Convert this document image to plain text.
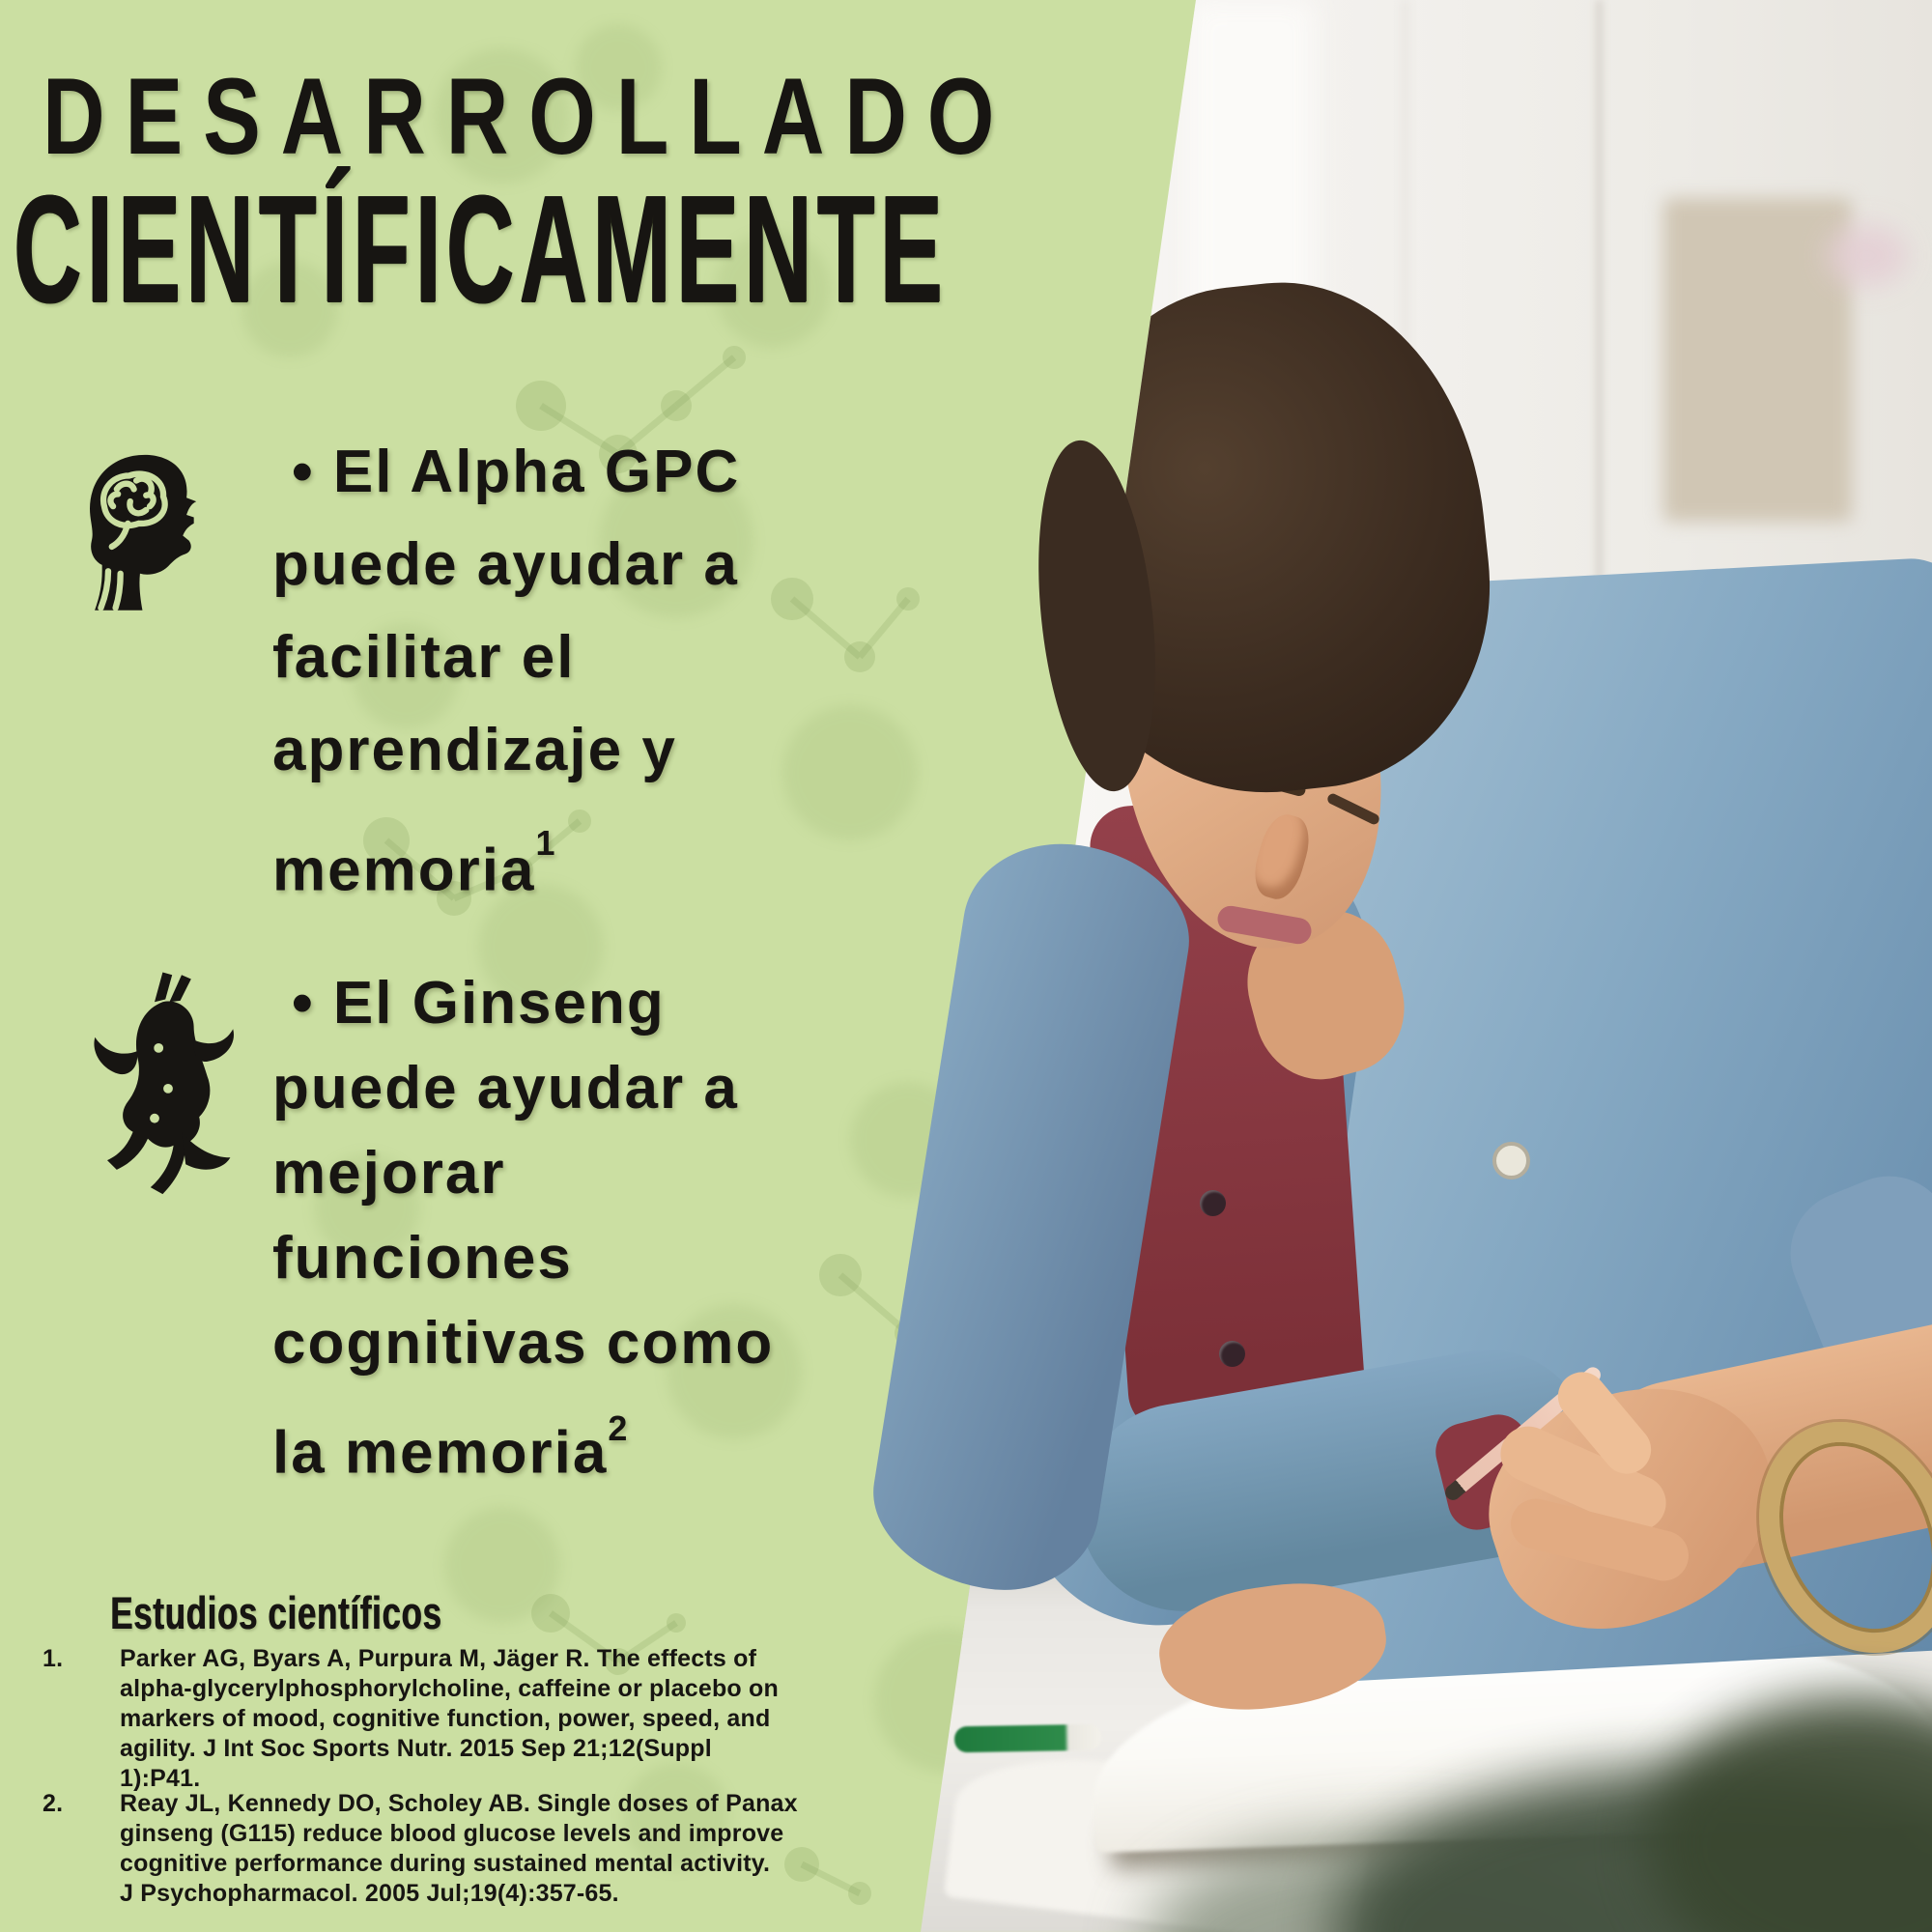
DESARROLLADO
CIENTÍFICAMENTE
• El Alpha GPC
puede ayudar a
facilitar el
aprendizaje y
memoria$^1$
• El Ginseng
puede ayudar a
mejorar
funciones
cognitivas como
la memoria$^2$
Estudios científicos
1.	Parker AG, Byars A, Purpura M, Jäger R. The effects of
alpha-glycerylphosphorylcholine, caffeine or placebo on
markers of mood, cognitive function, power, speed, and
agility. J Int Soc Sports Nutr. 2015 Sep 21;12(Suppl
1):P41.
2.	Reay JL, Kennedy DO, Scholey AB. Single doses of Panax
ginseng (G115) reduce blood glucose levels and improve
cognitive performance during sustained mental activity.
J Psychopharmacol. 2005 Jul;19(4):357-65.
